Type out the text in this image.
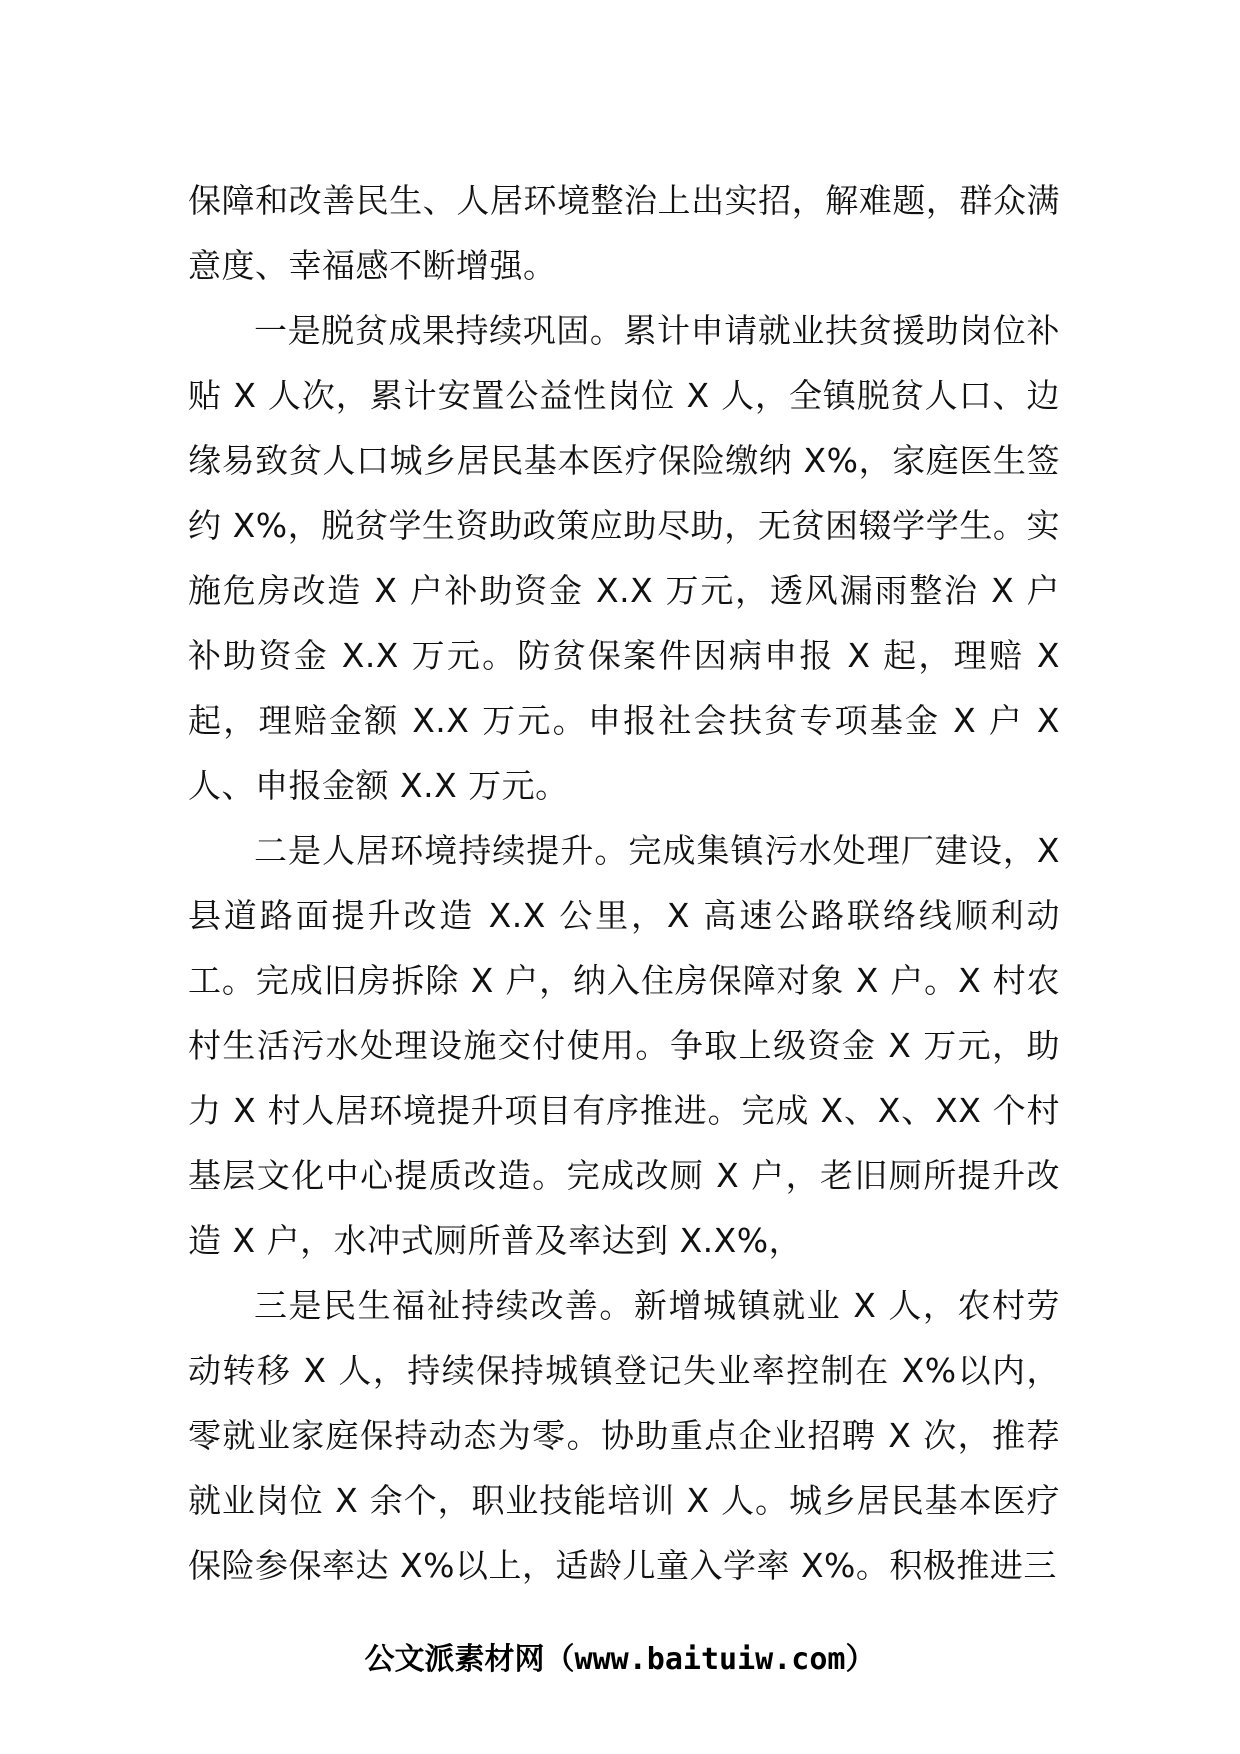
保障和改善民生、人居环境整治上出实招，解难题，群众满意度、幸福感不断增强。

一是脱贫成果持续巩固。累计申请就业扶贫援助岗位补贴 X 人次，累计安置公益性岗位 X 人，全镇脱贫人口、边缘易致贫人口城乡居民基本医疗保险缴纳 X%，家庭医生签约 X%，脱贫学生资助政策应助尽助，无贫困辍学学生。实施危房改造 X 户补助资金 X.X 万元，透风漏雨整治 X 户补助资金 X.X 万元。防贫保案件因病申报 X 起，理赔 X 起，理赔金额 X.X 万元。申报社会扶贫专项基金 X 户 X 人、申报金额 X.X 万元。

二是人居环境持续提升。完成集镇污水处理厂建设，X 县道路面提升改造 X.X 公里，X 高速公路联络线顺利动工。完成旧房拆除 X 户，纳入住房保障对象 X 户。X 村农村生活污水处理设施交付使用。争取上级资金 X 万元，助力 X 村人居环境提升项目有序推进。完成 X、X、XX 个村基层文化中心提质改造。完成改厕 X 户，老旧厕所提升改造 X 户，水冲式厕所普及率达到 X.X%，

三是民生福祉持续改善。新增城镇就业 X 人，农村劳动转移 X 人，持续保持城镇登记失业率控制在 X%以内，零就业家庭保持动态为零。协助重点企业招聘 X 次，推荐就业岗位 X 余个，职业技能培训 X 人。城乡居民基本医疗保险参保率达 X%以上，适龄儿童入学率 X%。积极推进三

公文派素材网（www.baituiw.com）
